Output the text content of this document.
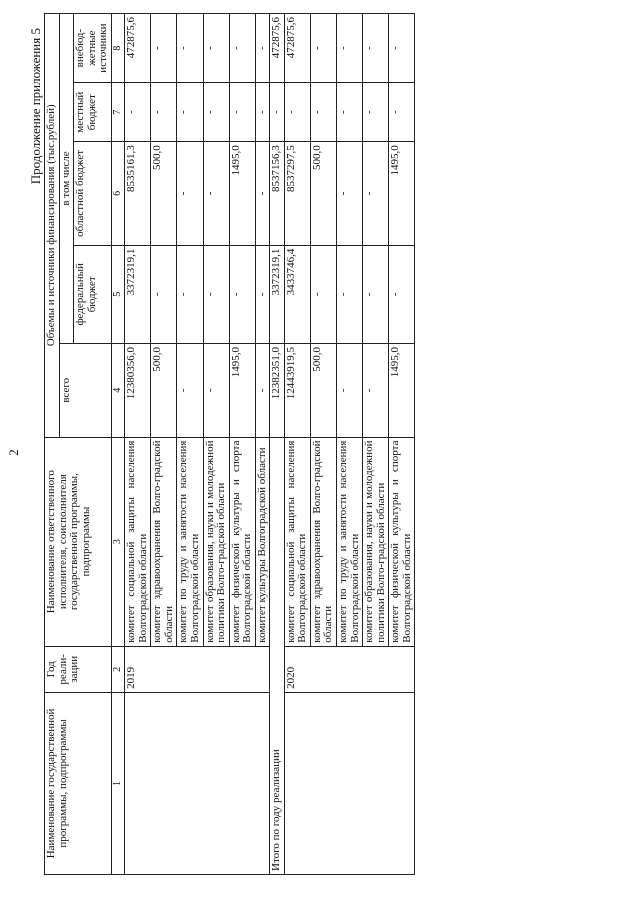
2
Продолжение приложения 5
Наименование государственной программы, подпрограммы	Год реали-зации	Наименование ответственного исполнителя, соисполнителя государственной программы, подпрограммы	Объемы и источники финансирования (тыс.рублей)				
			всего	в том числе			
				федеральный бюджет	областной бюджет	местный бюджет	внебюд-жетные источники
1	2	3	4	5	6	7	8
	2019	комитет социальной защиты населения Волгоградской области	12380356,0	3372319,1	8535161,3	-	472875,6
		комитет здравоохранения Волго-градской области	500,0	-	500,0	-	-
		комитет по труду и занятости населения Волгоградской области	-	-	-	-	-
		комитет образования, науки и молодежной политики Волго-градской области	-	-	-	-	-
		комитет физической культуры и спорта Волгоградской области	1495,0	-	1495,0	-	-
		комитет культуры Волгоградской области	-	-	-	-	-
Итого по году реализации			12382351,0	3372319,1	8537156,3	-	472875,6
	2020	комитет социальной защиты населения Волгоградской области	12443919,5	3433746,4	8537297,5	-	472875,6
		комитет здравоохранения Волго-градской области	500,0	-	500,0	-	-
		комитет по труду и занятости населения Волгоградской области	-	-	-	-	-
		комитет образования, науки и молодежной политики Волго-градской области	-	-	-	-	-
		комитет физической культуры и спорта Волгоградской области	1495,0	-	1495,0	-	-
